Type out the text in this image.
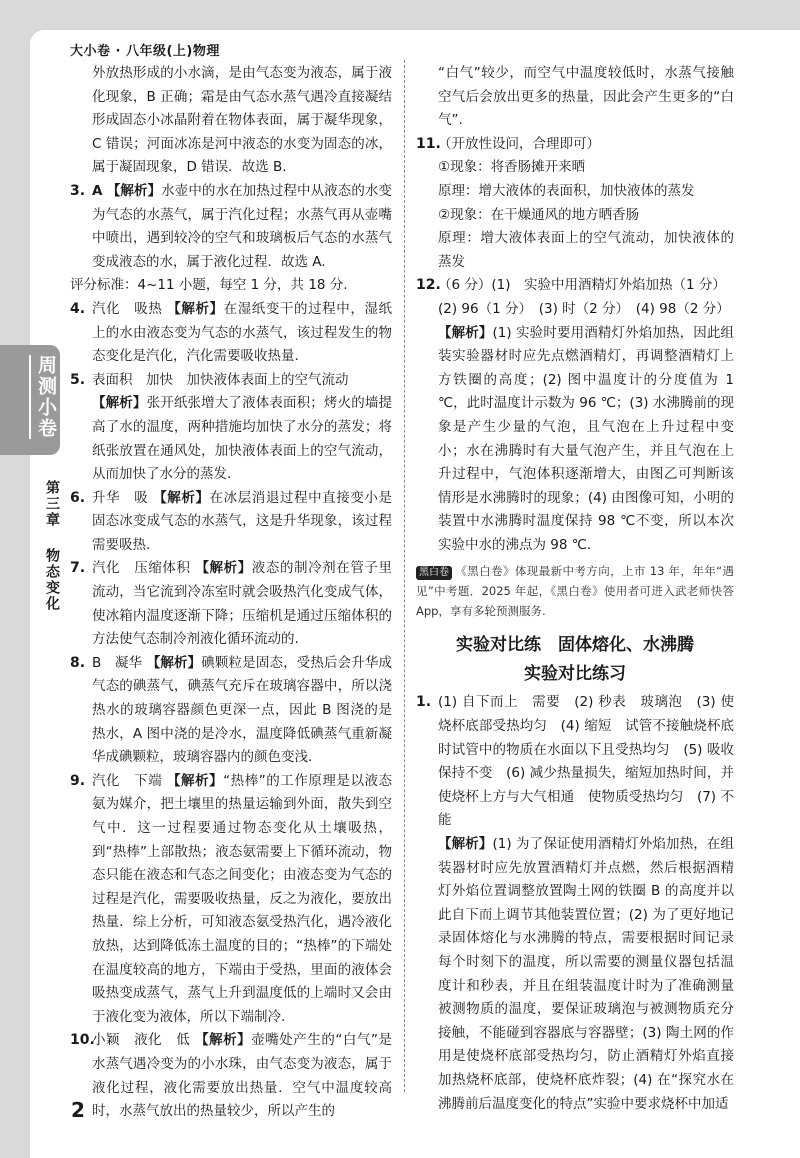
大小卷 · 八年级(上)物理
周测小卷
第三章
物态变化
外放热形成的小水滴，是由气态变为液态，属于液化现象，B 正确；霜是由气态水蒸气遇冷直接凝结形成固态小冰晶附着在物体表面，属于凝华现象，C 错误；河面冰冻是河中液态的水变为固态的冰，属于凝固现象，D 错误．故选 B.
3. A 【解析】水壶中的水在加热过程中从液态的水变为气态的水蒸气，属于汽化过程；水蒸气再从壶嘴中喷出，遇到较冷的空气和玻璃板后气态的水蒸气变成液态的水，属于液化过程．故选 A.
评分标准：4~11 小题，每空 1 分，共 18 分.
4. 汽化　吸热 【解析】在湿纸变干的过程中，湿纸上的水由液态变为气态的水蒸气，该过程发生的物态变化是汽化，汽化需要吸收热量.
5. 表面积　加快　加快液体表面上的空气流动
【解析】张开纸张增大了液体表面积；烤火的墙提高了水的温度，两种措施均加快了水分的蒸发；将纸张放置在通风处，加快液体表面上的空气流动，从而加快了水分的蒸发.
6. 升华　吸 【解析】在冰层消退过程中直接变小是固态冰变成气态的水蒸气，这是升华现象，该过程需要吸热.
7. 汽化　压缩体积 【解析】液态的制冷剂在管子里流动，当它流到冷冻室时就会吸热汽化变成气体，使冰箱内温度逐渐下降；压缩机是通过压缩体积的方法使气态制冷剂液化循环流动的.
8. B　凝华 【解析】碘颗粒是固态，受热后会升华成气态的碘蒸气，碘蒸气充斥在玻璃容器中，所以浇热水的玻璃容器颜色更深一点，因此 B 图浇的是热水，A 图中浇的是冷水，温度降低碘蒸气重新凝华成碘颗粒，玻璃容器内的颜色变浅.
9. 汽化　下端 【解析】“热棒”的工作原理是以液态氨为媒介，把土壤里的热量运输到外面，散失到空气中．这一过程要通过物态变化从土壤吸热，到“热棒”上部散热；液态氨需要上下循环流动，物态只能在液态和气态之间变化；由液态变为气态的过程是汽化，需要吸收热量，反之为液化，要放出热量．综上分析，可知液态氨受热汽化，遇冷液化放热，达到降低冻土温度的目的；“热棒”的下端处在温度较高的地方，下端由于受热，里面的液体会吸热变成蒸气，蒸气上升到温度低的上端时又会由于液化变为液体，所以下端制冷.
10.
小颖　液化　低 【解析】壶嘴处产生的“白气”是水蒸气遇冷变为的小水珠，由气态变为液态，属于液化过程，液化需要放出热量．空气中温度较高时，水蒸气放出的热量较少，所以产生的
“白气”较少，而空气中温度较低时，水蒸气接触空气后会放出更多的热量，因此会产生更多的“白气”.
11.
（开放性设问，合理即可）
①现象：将香肠摊开来晒
原理：增大液体的表面积，加快液体的蒸发
②现象：在干燥通风的地方晒香肠
原理：增大液体表面上的空气流动，加快液体的蒸发
12.
（6 分）(1)　实验中用酒精灯外焰加热（1 分）
(2) 96（1 分）　(3) 时（2 分）　(4) 98（2 分）
【解析】(1) 实验时要用酒精灯外焰加热，因此组装实验器材时应先点燃酒精灯，再调整酒精灯上方铁圈的高度；(2) 图中温度计的分度值为 1 ℃，此时温度计示数为 96 ℃；(3) 水沸腾前的现象是产生少量的气泡，且气泡在上升过程中变小；水在沸腾时有大量气泡产生，并且气泡在上升过程中，气泡体积逐渐增大，由图乙可判断该情形是水沸腾时的现象；(4) 由图像可知，小明的装置中水沸腾时温度保持 98 ℃不变，所以本次实验中水的沸点为 98 ℃.
黑白卷 《黑白卷》体现最新中考方向，上市 13 年，年年“遇见”中考题．2025 年起，《黑白卷》使用者可进入武老师快答 App，享有多轮预测服务.
实验对比练　固体熔化、水沸腾
实验对比练习
1. (1) 自下而上　需要　(2) 秒表　玻璃泡　(3) 使烧杯底部受热均匀　(4) 缩短　试管不接触烧杯底时试管中的物质在水面以下且受热均匀　(5) 吸收　保持不变　(6) 减少热量损失，缩短加热时间，并使烧杯上方与大气相通　使物质受热均匀　(7) 不能
【解析】(1) 为了保证使用酒精灯外焰加热，在组装器材时应先放置酒精灯并点燃，然后根据酒精灯外焰位置调整放置陶土网的铁圈 B 的高度并以此自下而上调节其他装置位置；(2) 为了更好地记录固体熔化与水沸腾的特点，需要根据时间记录每个时刻下的温度，所以需要的测量仪器包括温度计和秒表，并且在组装温度计时为了准确测量被测物质的温度，要保证玻璃泡与被测物质充分接触，不能碰到容器底与容器壁；(3) 陶土网的作用是使烧杯底部受热均匀，防止酒精灯外焰直接加热烧杯底部，使烧杯底炸裂；(4) 在“探究水在沸腾前后温度变化的特点”实验中要求烧杯中加适
2
